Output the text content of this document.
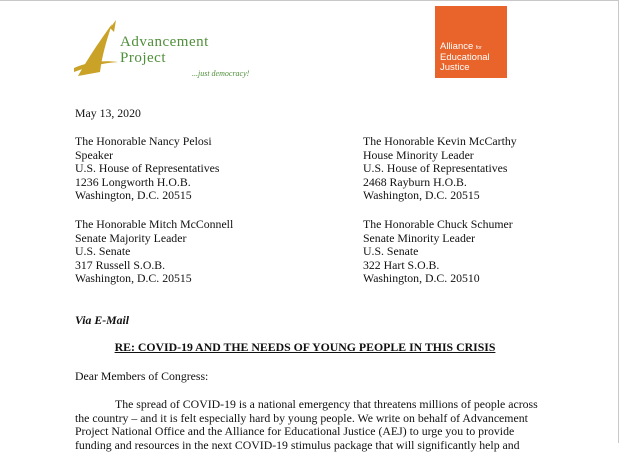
Advancement
Project
...just democracy!
Alliance for
Educational
Justice
May 13, 2020
The Honorable Nancy Pelosi
Speaker
U.S. House of Representatives
1236 Longworth H.O.B.
Washington, D.C. 20515
The Honorable Kevin McCarthy
House Minority Leader
U.S. House of Representatives
2468 Rayburn H.O.B.
Washington, D.C. 20515
The Honorable Mitch McConnell
Senate Majority Leader
U.S. Senate
317 Russell S.O.B.
Washington, D.C. 20515
The Honorable Chuck Schumer
Senate Minority Leader
U.S. Senate
322 Hart S.O.B.
Washington, D.C. 20510
Via E-Mail
RE: COVID-19 AND THE NEEDS OF YOUNG PEOPLE IN THIS CRISIS
Dear Members of Congress:
The spread of COVID-19 is a national emergency that threatens millions of people across
the country – and it is felt especially hard by young people. We write on behalf of Advancement
Project National Office and the Alliance for Educational Justice (AEJ) to urge you to provide
funding and resources in the next COVID-19 stimulus package that will significantly help and
